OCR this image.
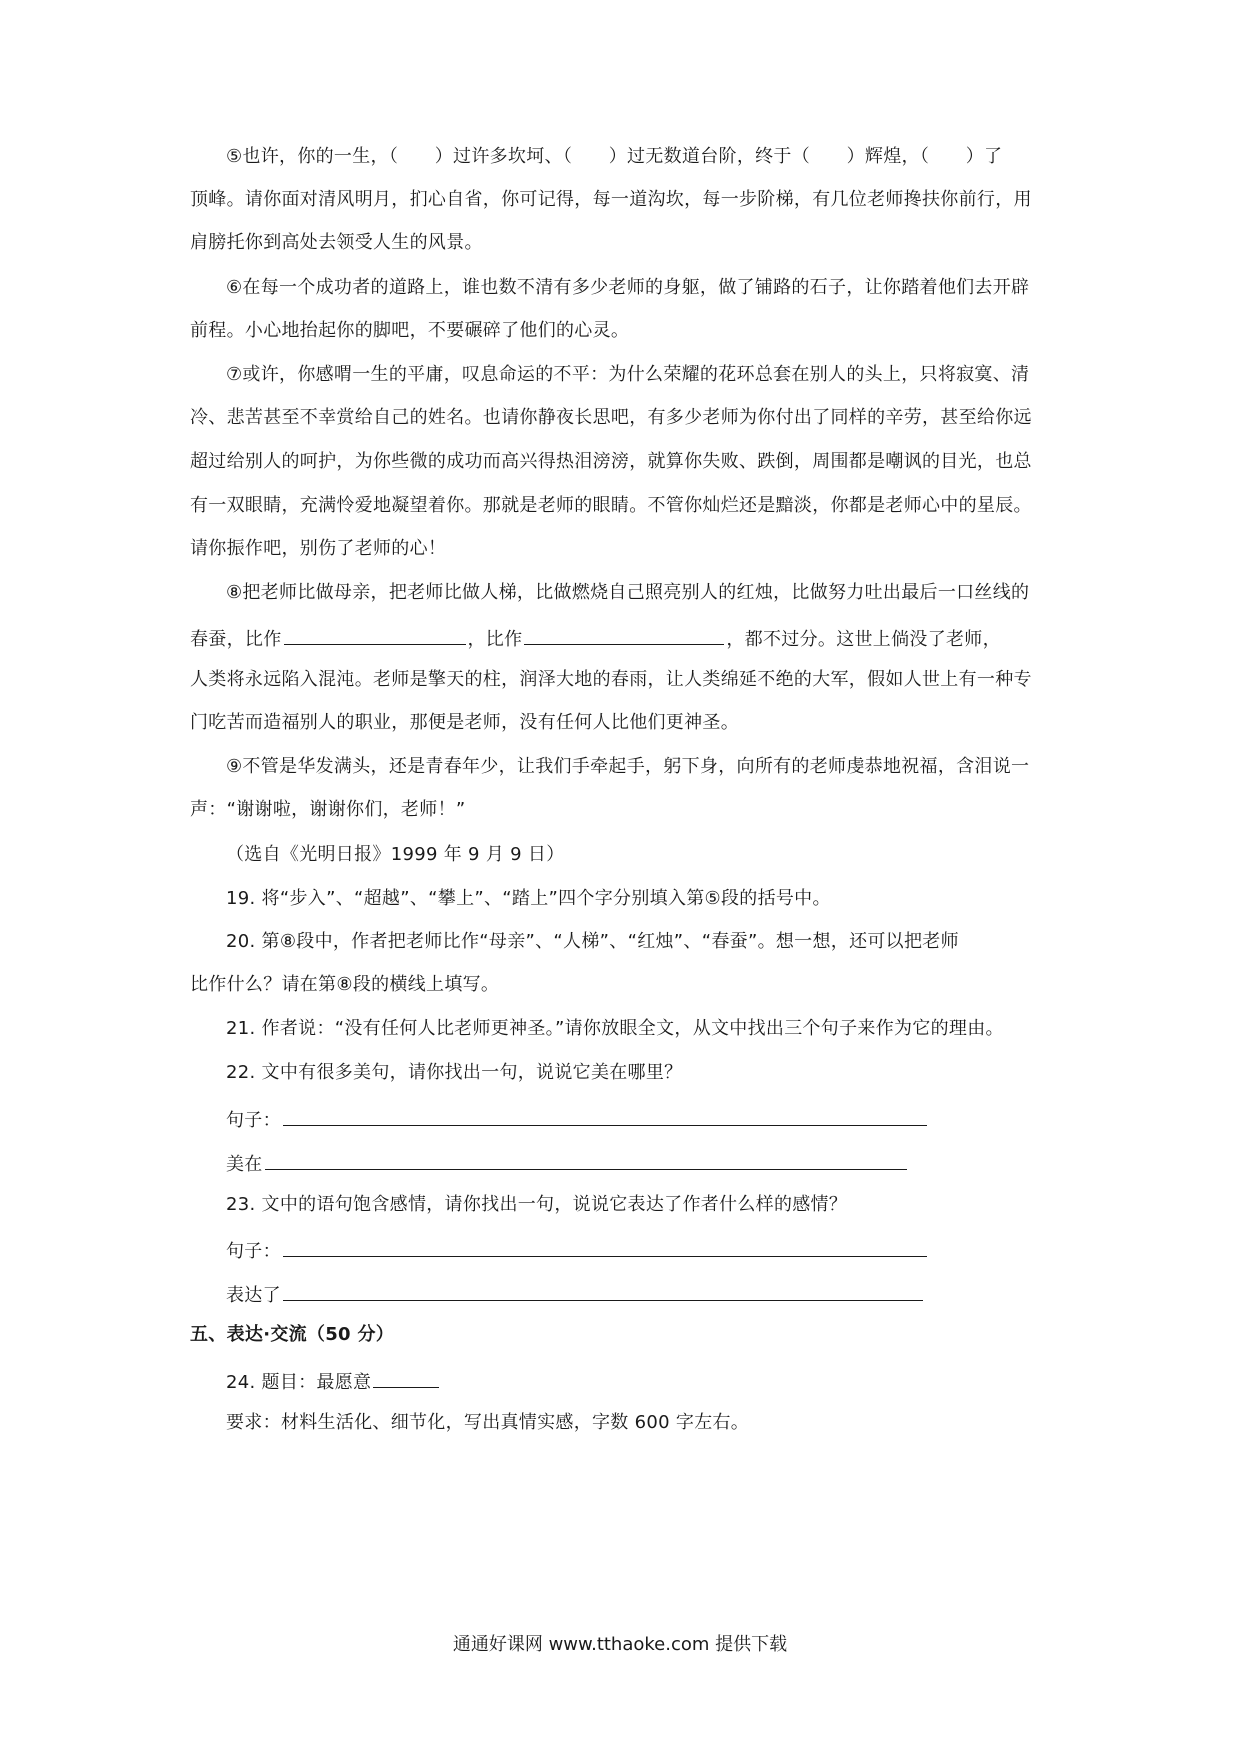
⑤也许，你的一生，（　　）过许多坎坷、（　　）过无数道台阶，终于（　　）辉煌，（　　）了
顶峰。请你面对清风明月，扪心自省，你可记得，每一道沟坎，每一步阶梯，有几位老师搀扶你前行，用
肩膀托你到高处去领受人生的风景。
⑥在每一个成功者的道路上，谁也数不清有多少老师的身躯，做了铺路的石子，让你踏着他们去开辟
前程。小心地抬起你的脚吧，不要碾碎了他们的心灵。
⑦或许，你感喟一生的平庸，叹息命运的不平：为什么荣耀的花环总套在别人的头上，只将寂寞、清
冷、悲苦甚至不幸赏给自己的姓名。也请你静夜长思吧，有多少老师为你付出了同样的辛劳，甚至给你远
超过给别人的呵护，为你些微的成功而高兴得热泪滂滂，就算你失败、跌倒，周围都是嘲讽的目光，也总
有一双眼睛，充满怜爱地凝望着你。那就是老师的眼睛。不管你灿烂还是黯淡，你都是老师心中的星辰。
请你振作吧，别伤了老师的心！
⑧把老师比做母亲，把老师比做人梯，比做燃烧自己照亮别人的红烛，比做努力吐出最后一口丝线的
春蚕，比作	，比作	，都不过分。这世上倘没了老师，
人类将永远陷入混沌。老师是擎天的柱，润泽大地的春雨，让人类绵延不绝的大军，假如人世上有一种专
门吃苦而造福别人的职业，那便是老师，没有任何人比他们更神圣。
⑨不管是华发满头，还是青春年少，让我们手牵起手，躬下身，向所有的老师虔恭地祝福，含泪说一
声：“谢谢啦，谢谢你们，老师！”
（选自《光明日报》1999 年 9 月 9 日）
19. 将“步入”、“超越”、“攀上”、“踏上”四个字分别填入第⑤段的括号中。
20. 第⑧段中，作者把老师比作“母亲”、“人梯”、“红烛”、“春蚕”。想一想，还可以把老师
比作什么？请在第⑧段的横线上填写。
21. 作者说：“没有任何人比老师更神圣。”请你放眼全文，从文中找出三个句子来作为它的理由。
22. 文中有很多美句，请你找出一句，说说它美在哪里？
句子：
美在
23. 文中的语句饱含感情，请你找出一句，说说它表达了作者什么样的感情？
句子：
表达了
五、表达·交流（50 分）
24. 题目：最愿意
要求：材料生活化、细节化，写出真情实感，字数 600 字左右。
通通好课网 www.tthaoke.com 提供下载
